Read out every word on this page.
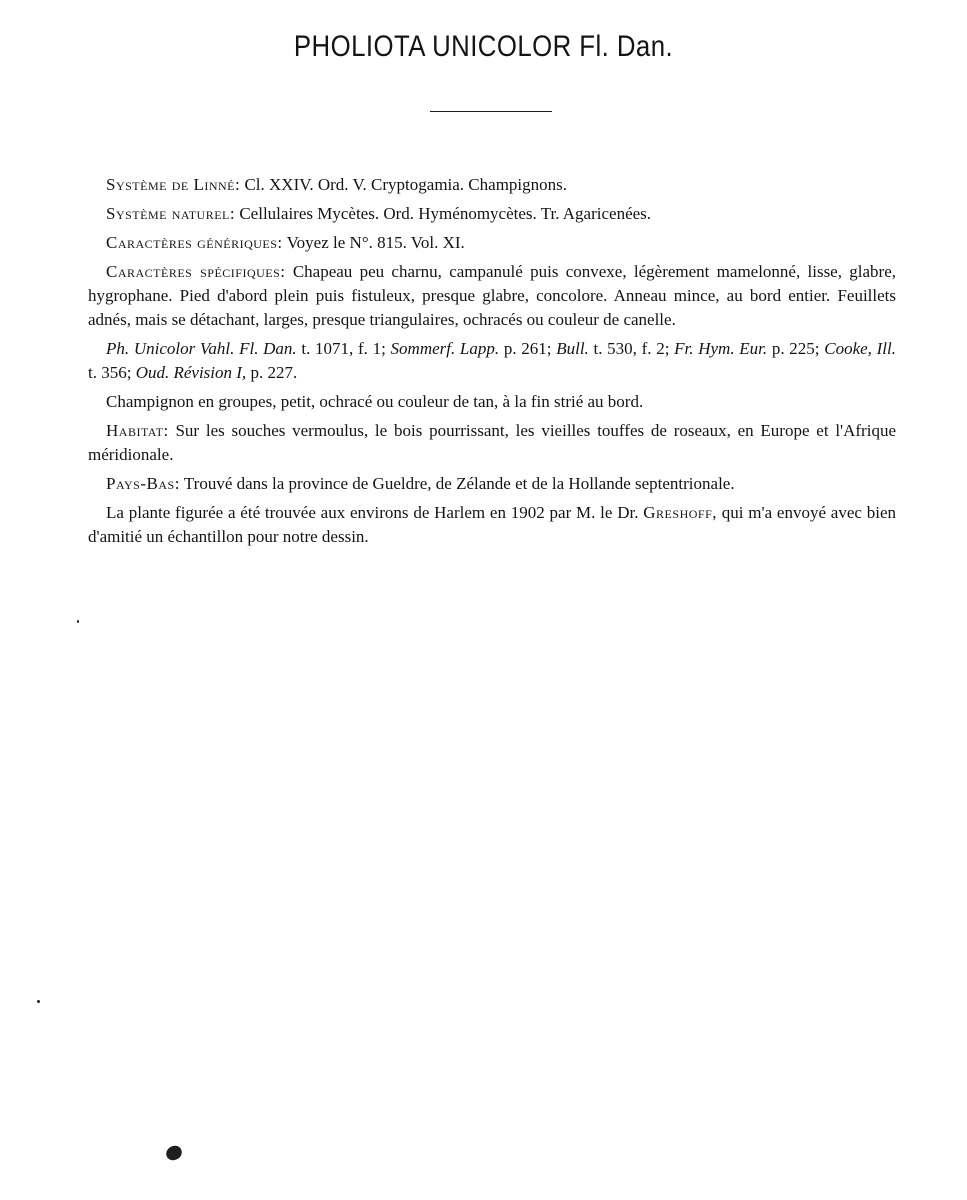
PHOLIOTA UNICOLOR Fl. Dan.

Système de Linné: Cl. XXIV. Ord. V. Cryptogamia. Champignons.

Système naturel: Cellulaires Mycètes. Ord. Hyménomycètes. Tr. Agaricenées.

Caractères génériques: Voyez le N°. 815. Vol. XI.

Caractères spécifiques: Chapeau peu charnu, campanulé puis convexe, légèrement mamelonné, lisse, glabre, hygrophane. Pied d'abord plein puis fistuleux, presque glabre, concolore. Anneau mince, au bord entier. Feuillets adnés, mais se détachant, larges, presque triangulaires, ochracés ou couleur de canelle.

Ph. Unicolor Vahl. Fl. Dan. t. 1071, f. 1; Sommerf. Lapp. p. 261; Bull. t. 530, f. 2; Fr. Hym. Eur. p. 225; Cooke, Ill. t. 356; Oud. Révision I, p. 227.

Champignon en groupes, petit, ochracé ou couleur de tan, à la fin strié au bord.

Habitat: Sur les souches vermoulus, le bois pourrissant, les vieilles touffes de roseaux, en Europe et l'Afrique méridionale.

Pays-Bas: Trouvé dans la province de Gueldre, de Zélande et de la Hollande septentrionale.

La plante figurée a été trouvée aux environs de Harlem en 1902 par M. le Dr. Greshoff, qui m'a envoyé avec bien d'amitié un échantillon pour notre dessin.
